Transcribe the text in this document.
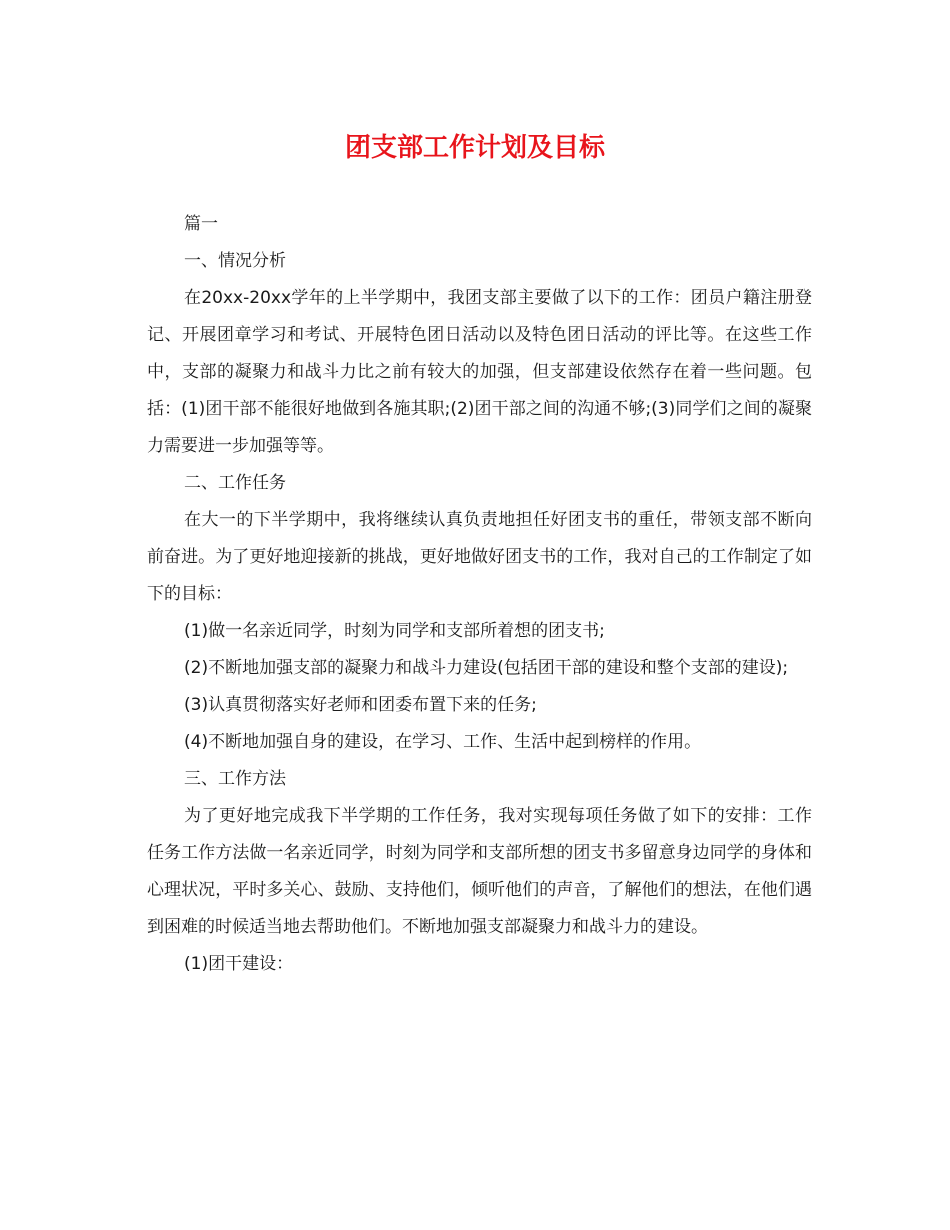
团支部工作计划及目标

篇一

一、情况分析

在20xx-20xx学年的上半学期中，我团支部主要做了以下的工作：团员户籍注册登记、开展团章学习和考试、开展特色团日活动以及特色团日活动的评比等。在这些工作中，支部的凝聚力和战斗力比之前有较大的加强，但支部建设依然存在着一些问题。包括：(1)团干部不能很好地做到各施其职;(2)团干部之间的沟通不够;(3)同学们之间的凝聚力需要进一步加强等等。

二、工作任务

在大一的下半学期中，我将继续认真负责地担任好团支书的重任，带领支部不断向前奋进。为了更好地迎接新的挑战，更好地做好团支书的工作，我对自己的工作制定了如下的目标：

(1)做一名亲近同学，时刻为同学和支部所着想的团支书;

(2)不断地加强支部的凝聚力和战斗力建设(包括团干部的建设和整个支部的建设);

(3)认真贯彻落实好老师和团委布置下来的任务;

(4)不断地加强自身的建设，在学习、工作、生活中起到榜样的作用。

三、工作方法

为了更好地完成我下半学期的工作任务，我对实现每项任务做了如下的安排：工作任务工作方法做一名亲近同学，时刻为同学和支部所想的团支书多留意身边同学的身体和心理状况，平时多关心、鼓励、支持他们，倾听他们的声音，了解他们的想法，在他们遇到困难的时候适当地去帮助他们。不断地加强支部凝聚力和战斗力的建设。

(1)团干建设：
